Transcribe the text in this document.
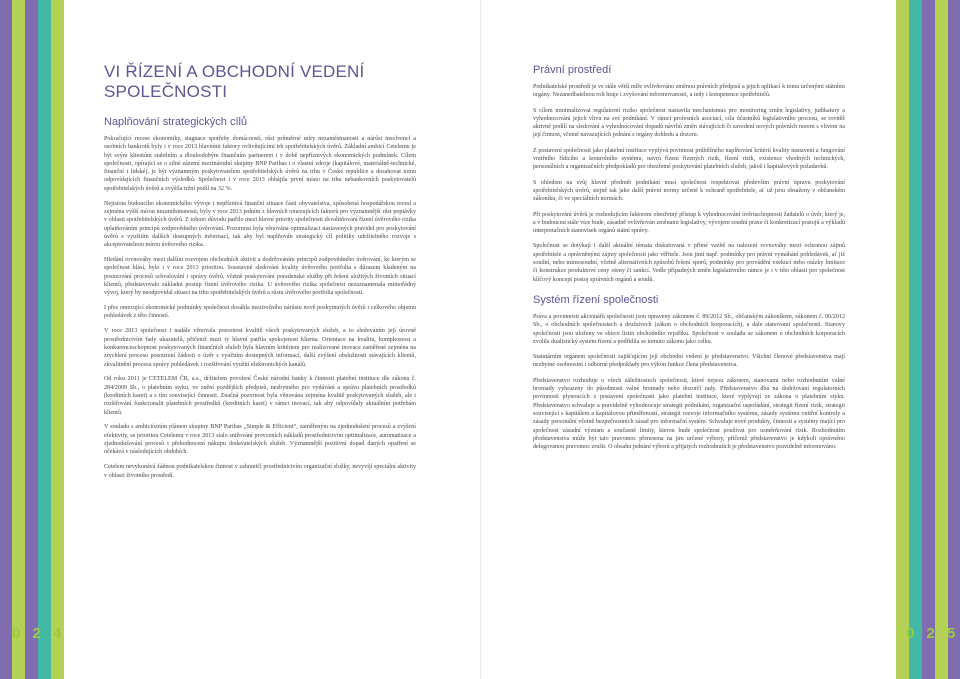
VI ŘÍZENÍ A OBCHODNÍ VEDENÍ SPOLEČNOSTI
Naplňování strategických cílů

Pokračující recese ekonomiky, stagnace spotřeby domácností, růst průměrné míry nezaměstnanosti a nárůst insolvencí a osobních bankrotů byly i v roce 2013 hlavními faktory ovlivňujícími trh spotřebitelských úvěrů. Základní ambicí Cetelemu je být svým klientům stabilním a dlouhodobým finančním partnerem i v době nepříznivých ekonomických podmínek. Cílem společnosti, opírající se o silné zázemí mezinárodní skupiny BNP Paribas i o vlastní zdroje (kapitálové, materiálně-technické, finanční i lidské), je být významným poskytovatelem spotřebitelských úvěrů na trhu v České republice a dosahovat tomu odpovídajících finančních výsledků. Společnost i v roce 2013 obhájila první místo na trhu nebankovních poskytovatelů spotřebitelských úvěrů a zvýšila tržní podíl na 32 %.

Nejistota budoucího ekonomického vývoje i nepříznivá finanční situace části obyvatelstva, způsobená hospodářskou recesí a zejména vyšší mírou nezaměstnanosti, byly v roce 2013 jedním z hlavních omezujících faktorů pro významnější růst poptávky v oblasti spotřebitelských úvěrů. Z tohoto důvodu patřilo mezi hlavní priority společnosti zkvalitňování řízení úvěrového rizika uplatňováním principů zodpovědného úvěrování. Pozornost byla věnována optimalizaci nastavených pravidel pro poskytování úvěrů s využitím dalších dostupných informací, tak aby byl naplňován strategický cíl politiky udržitelného rozvoje s akceptovatelnou mírou úvěrového rizika.

Hledání rovnováhy mezi dalším rozvojem obchodních aktivit a dodržováním principů zodpovědného úvěrování, ke kterým se společnost hlásí, bylo i v roce 2013 prioritou. Soustavné sledování kvality úvěrového portfolia s důrazem kladeným na posuzování procesů schvalování i správy úvěrů, včetně poskytování poradenské služby při řešení složitých životních situací klientů, představovalo základní postup řízení úvěrového rizika. U úvěrového rizika společnost nezaznamenala mimořádný vývoj, který by neodpovídal situaci na trhu spotřebitelských úvěrů a růstu úvěrového portfolia společnosti.

I přes omezující ekonomické podmínky společnost dosáhla meziročního nárůstu nově poskytnutých úvěrů i celkového objemu pohledávek z těto činností.

V roce 2013 společnost i nadále věnovala pozornost kvalitě všech poskytovaných služeb, a to sledováním její úrovně prostřednictvím řady ukazatelů, přičemž mezi ty hlavní patřila spokojenost klienta. Orientace na kvalitu, komplexnost a konkurenceschopnost poskytovaných finančních služeb byla hlavním kritériem pro realizované inovace zaměřené zejména na zrychlení procesu posouzení žádosti o úvěr s využitím dostupných informací, další zvýšení obslužnosti stávajících klientů, zkvalitnění procesu správy pohledávek i rozšiřování využití elektronických kanálů.

Od roku 2011 je CETELEM ČR, a.s., držitelem povolení České národní banky k činnosti platební instituce dle zákona č. 284/2009 Sb., o platebním styku, ve znění pozdějších předpisů, nezbytného pro vydávání a správu platebních prostředků (kreditních karet) a s tím související činnosti. Značná pozornost byla věnována zejména kvalitě poskytovaných služeb, ale i rozšiřování funkcionalit platebních prostředků (kreditních karet) v rámci inovací, tak aby odpovídaly aktuálním potřebám klientů.

V souladu s ambiciózním plánem skupiny BNP Paribas „Simple & Efficient“, zaměřeným na zjednodušení procesů a zvýšení efektivity, se prioritou Cetelemu v roce 2013 stalo snižování provozních nákladů prostřednictvím optimalizace, automatizace a zjednodušování procesů i přehodnocení nákupu dodavatelských služeb. Významnější pozitivní dopad daných opatření se očekává v následujících obdobích.

Cetelem nevykonává žádnou podnikatelskou činnost v zahraničí prostřednictvím organizační složky, nevyvíjí speciální aktivity v oblasti životního prostředí.

Právní prostředí

Podnikatelské prostředí je ve stále větší míře ovlivňováno změnou právních předpisů a jejich aplikací k tomu určenými státními orgány. Nezanedbatelnou roli hraje i zvyšování informovanosti, a tedy i kompetence spotřebitelů.

S cílem minimalizovat regulatorní riziko společnost nastavila mechanismus pro monitoring změn legislativy, judikatury a vyhodnocování jejich vlivu na své podnikání. V rámci profesních asociací, cílu účastníků legislativního procesu, se rovněž aktivně podílí na sledování a vyhodnocování dopadů návrhů změn stávajících či zavedení nových právních norem s vlivem na její činnost, včetně navazujících jednání s orgány dohledu a dozoru.

Z postavení společnosti jako platební instituce vyplývá povinnost průběžného naplňování kritérií kvality nastavení a fungování vnitřního řídicího a kontrolního systému, návrů řízení řízených rizik, řízení rizik, existence vhodných technických, personálních a organizačních předpokladů pro obezřetné poskytování platebních služeb, jakož i kapitálových požadavků.

S ohledem na svůj hlavní předmět podnikání musí společnost respektovat především právní úpravu poskytování spotřebitelských úvěrů, stejně tak jako další právní normy určené k ochraně spotřebitele, ať už jsou obsaženy v občanském zákoníku, či ve speciálních normách.

Při poskytování úvěrů je rozhodujícím faktorem obezřetný přístup k vyhodnocování úvěruschopnosti žadatelů o úvěr, který je, a v budoucnu stále více bude, zásadně ovlivňován změnami legislativy, vývojem soudní praxe či konkretizací postojů a výkladů interpretačních stanovisek orgánů státní správy.

Společnost se dotýkají i další aktuální témata diskutovaná v přímé vazbě na nalezení rovnováhy mezi ochranou zájmů spotřebitele a oprávněnými zájmy společnosti jako věřitele. Jsou jimi např. podmínky pro právní vymáhání pohledávek, ať již soudní, nebo mimosoudní, včetně alternativních způsobů řešení sporů, podmínky pro provádění exekucí nebo otázky limitace či konstrukce produktové ceny oteny či sankcí. Vedle případných změn legislativního rámce je i v této oblasti pro společnost klíčový koncept postoj správních orgánů a soudů.

Systém řízení společnosti

Práva a povinnosti akcionářů společnosti jsou upraveny zákonem č. 89/2012 Sb., občanským zákoníkem, zákonem č. 90/2012 Sb., o obchodních společnostech a družstvech (zákon o obchodních korporacích), a dále stanovami společnosti. Stanovy společnosti jsou uloženy ve sbírce listin obchodního rejstříku. Společnost v souladu se zákonem o obchodních korporacích zvolila dualistický systém řízení a podřídila se tomuto zákonu jako celku.

Statutárním orgánem společnosti zajišťujícím její obchodní vedení je představenstvo. Všichni členové představenstva mají nezbytné osobnostní i odborné předpoklady pro výkon funkce člena představenstva.

Představenstvo rozhoduje o všech záležitostech společnosti, které nejsou zákonem, stanovami nebo rozhodnutím valné hromady vyhrazeny do působnosti valné hromady nebo dozorčí rady. Představenstvo dbá na dodržování regulatorních povinností plynoucích z postavení společnosti jako platební instituce, které vyplývají ze zákona o platebním styku. Představenstvo schvaluje a pravidelně vyhodnocuje strategii podnikání, organizační uspořádání, strategii řízení rizik, strategii související s kapitálem a kapitálovou přiměřeností, strategii rozvoje informačního systému, zásady systému vnitřní kontroly a zásady personální včetně bezpečnostních zásad pro informační systém. Schvaluje nové produkty, činnosti a systémy mající pro společnost zásadní význam a současně limity, kterou bude společnost používat pro usměrňování rizik. Rozhodnutím představenstva může být tato pravomoc přenesena na jim určené výbory, přičemž představenstvo je kdykoli oprávněno delegovanou pravomoc zrušit. O obsahu jednání výborů a přijatých rozhodnutích je představenstvo pravidelně informováno.

0 2 4	0 2 5
